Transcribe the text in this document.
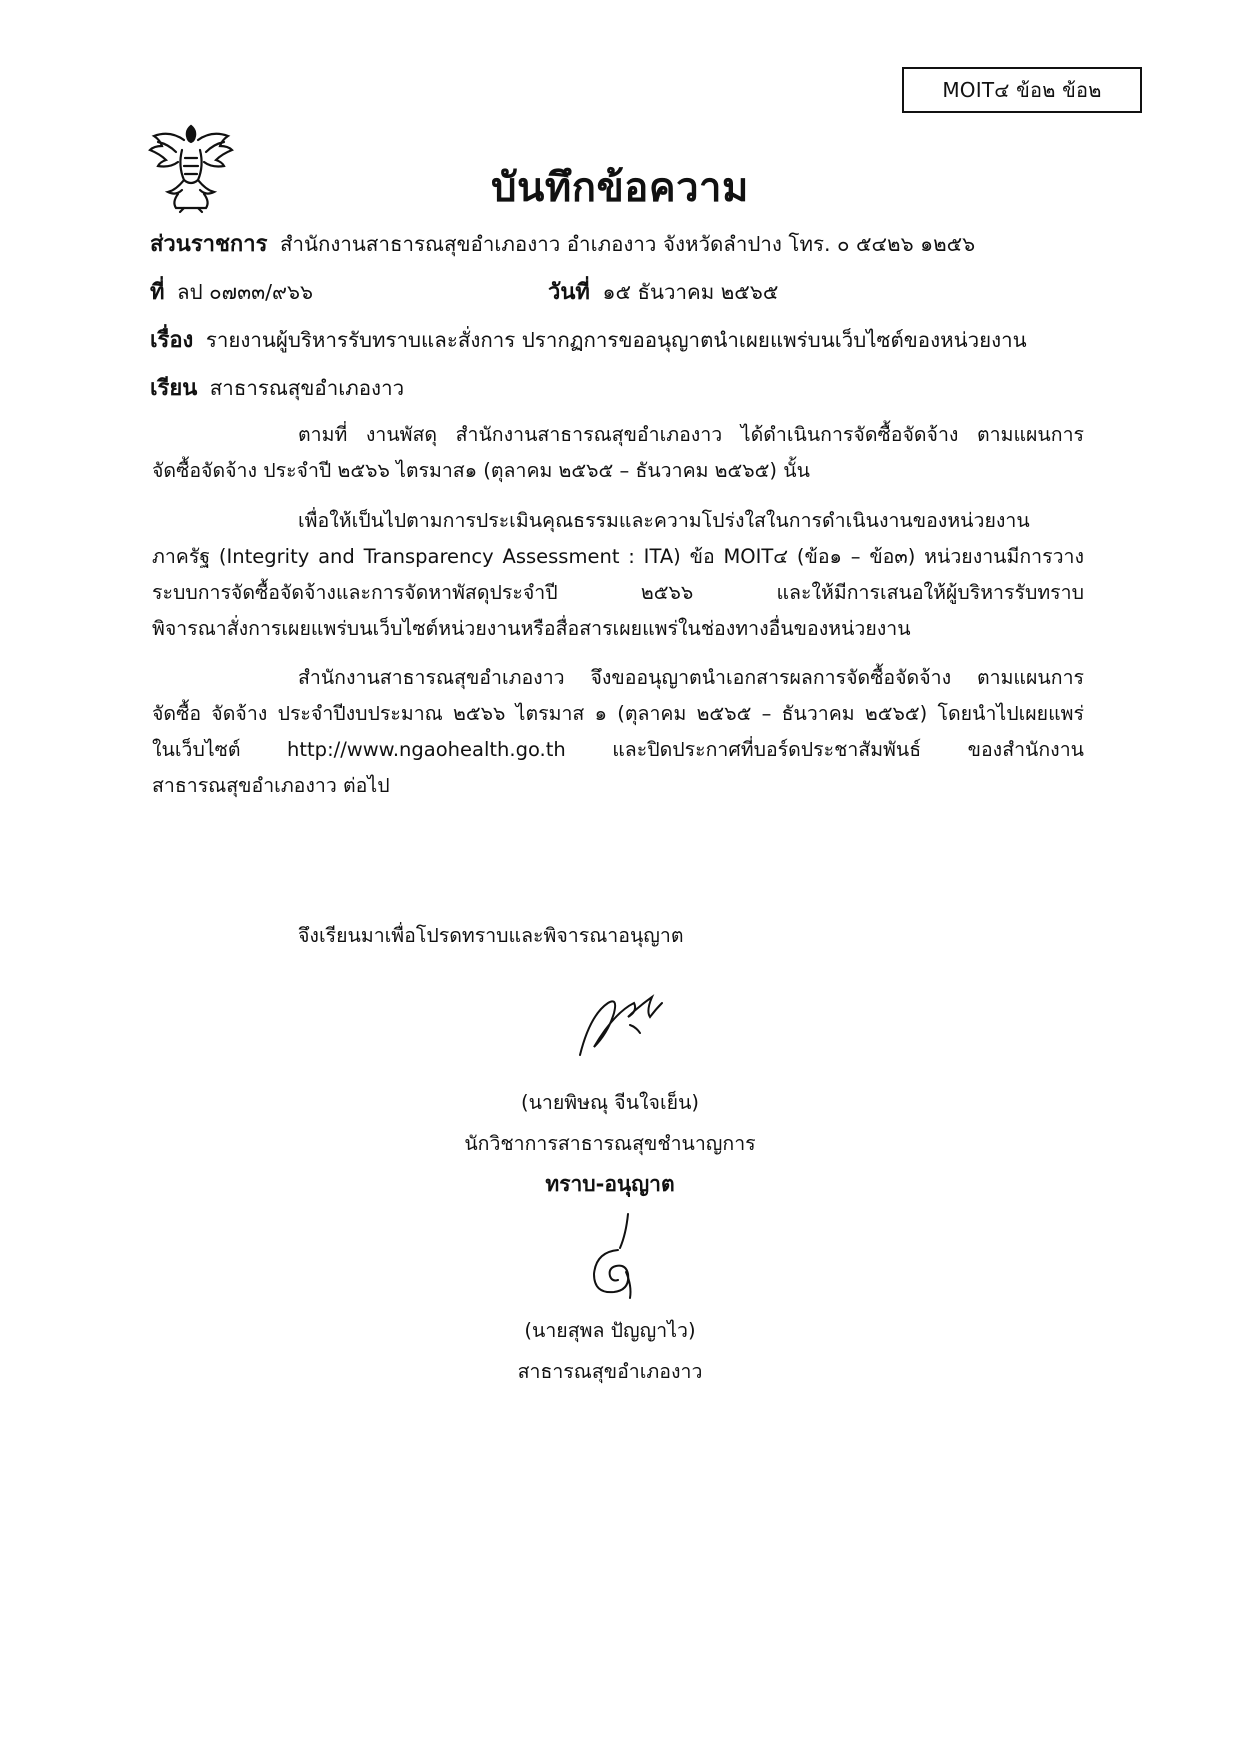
MOIT๔ ข้อ๒ ข้อ๒
บันทึกข้อความ
ส่วนราชการ สำนักงานสาธารณสุขอำเภองาว อำเภองาว จังหวัดลำปาง โทร. ๐ ๕๔๒๖ ๑๒๕๖
ที่ ลป ๐๗๓๓/๙๖๖	วันที่ ๑๕ ธันวาคม ๒๕๖๕
เรื่อง รายงานผู้บริหารรับทราบและสั่งการ ปรากฏการขออนุญาตนำเผยแพร่บนเว็บไซต์ของหน่วยงาน
เรียน สาธารณสุขอำเภองาว
ตามที่ งานพัสดุ สำนักงานสาธารณสุขอำเภองาว ได้ดำเนินการจัดซื้อจัดจ้าง ตามแผนการ
จัดซื้อจัดจ้าง ประจำปี ๒๕๖๖ ไตรมาส๑ (ตุลาคม ๒๕๖๕ – ธันวาคม ๒๕๖๕) นั้น
เพื่อให้เป็นไปตามการประเมินคุณธรรมและความโปร่งใสในการดำเนินงานของหน่วยงาน
ภาครัฐ (Integrity and Transparency Assessment : ITA) ข้อ MOIT๔ (ข้อ๑ – ข้อ๓) หน่วยงานมีการวาง
ระบบการจัดซื้อจัดจ้างและการจัดหาพัสดุประจำปี ๒๕๖๖ และให้มีการเสนอให้ผู้บริหารรับทราบ
พิจารณาสั่งการเผยแพร่บนเว็บไซต์หน่วยงานหรือสื่อสารเผยแพร่ในช่องทางอื่นของหน่วยงาน
สำนักงานสาธารณสุขอำเภองาว จึงขออนุญาตนำเอกสารผลการจัดซื้อจัดจ้าง ตามแผนการ
จัดซื้อ จัดจ้าง ประจำปีงบประมาณ ๒๕๖๖ ไตรมาส ๑ (ตุลาคม ๒๕๖๕ – ธันวาคม ๒๕๖๕) โดยนำไปเผยแพร่
ในเว็บไซต์ http://www.ngaohealth.go.th และปิดประกาศที่บอร์ดประชาสัมพันธ์ ของสำนักงาน
สาธารณสุขอำเภองาว ต่อไป
จึงเรียนมาเพื่อโปรดทราบและพิจารณาอนุญาต
(นายพิษณุ จีนใจเย็น)
นักวิชาการสาธารณสุขชำนาญการ
ทราบ-อนุญาต
(นายสุพล ปัญญาไว)
สาธารณสุขอำเภองาว
